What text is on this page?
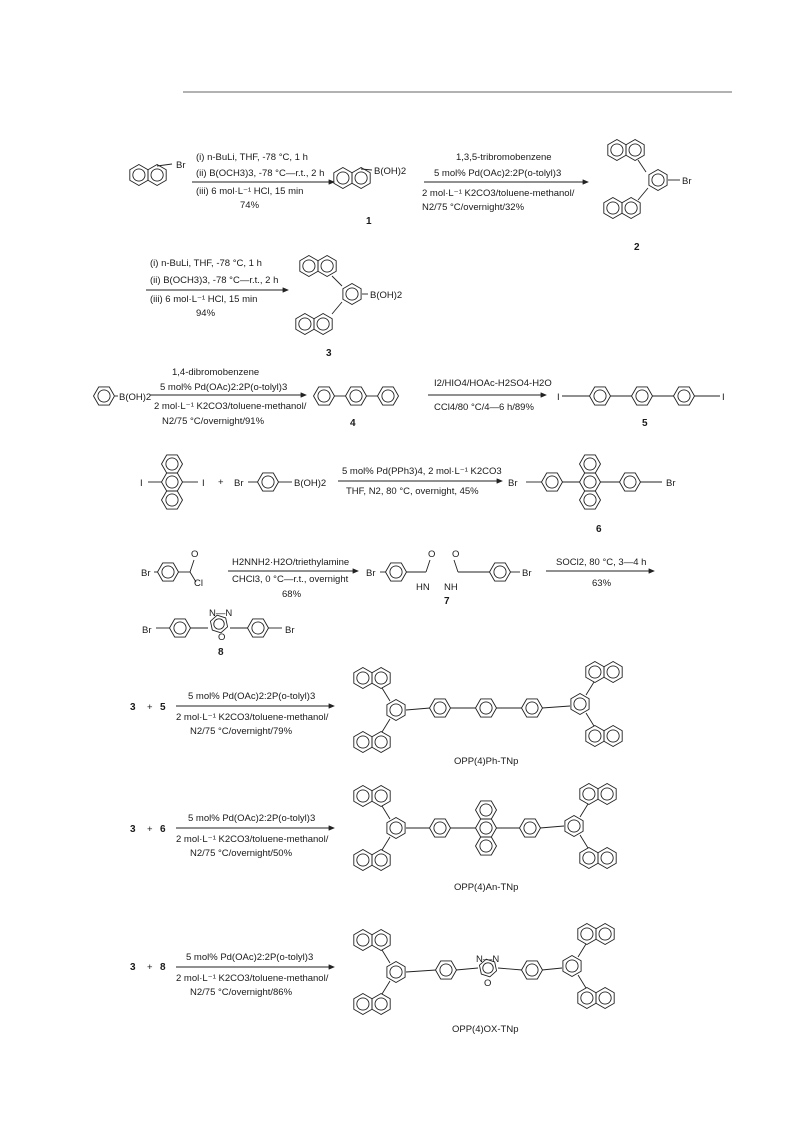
Br
(i) n-BuLi, THF, -78 °C, 1 h
(ii) B(OCH3)3, -78 °C—r.t., 2 h
(iii) 6 mol·L⁻¹ HCl, 15 min
74%
B(OH)2
1
1,3,5-tribromobenzene
5 mol% Pd(OAc)2:2P(o-tolyl)3
2 mol·L⁻¹ K2CO3/toluene-methanol/
N2/75 °C/overnight/32%
Br
2
(i) n-BuLi, THF, -78 °C, 1 h
(ii) B(OCH3)3, -78 °C—r.t., 2 h
(iii) 6 mol·L⁻¹ HCl, 15 min
94%
B(OH)2
3
B(OH)2
1,4-dibromobenzene
5 mol% Pd(OAc)2:2P(o-tolyl)3
2 mol·L⁻¹ K2CO3/toluene-methanol/
N2/75 °C/overnight/91%	4
I2/HIO4/HOAc-H2SO4-H2O
CCl4/80 °C/4—6 h/89%
I	I
5
I	I + Br	B(OH)2
5 mol% Pd(PPh3)4, 2 mol·L⁻¹ K2CO3
THF, N2, 80 °C, overnight, 45%
Br	Br
6
Br
O
Cl
H2NNH2·H2O/triethylamine
CHCl3, 0 °C—r.t., overnight
68%
Br
O
HN NH
O
Br
7
SOCl2, 80 °C, 3—4 h
63%
Br
N—N
O
Br
8
3 + 5
5 mol% Pd(OAc)2:2P(o-tolyl)3
2 mol·L⁻¹ K2CO3/toluene-methanol/
N2/75 °C/overnight/79%
OPP(4)Ph-TNp
3 + 6
5 mol% Pd(OAc)2:2P(o-tolyl)3
2 mol·L⁻¹ K2CO3/toluene-methanol/
N2/75 °C/overnight/50%
OPP(4)An-TNp
3 + 8
5 mol% Pd(OAc)2:2P(o-tolyl)3
2 mol·L⁻¹ K2CO3/toluene-methanol/
N2/75 °C/overnight/86%
N—N
O
OPP(4)OX-TNp
